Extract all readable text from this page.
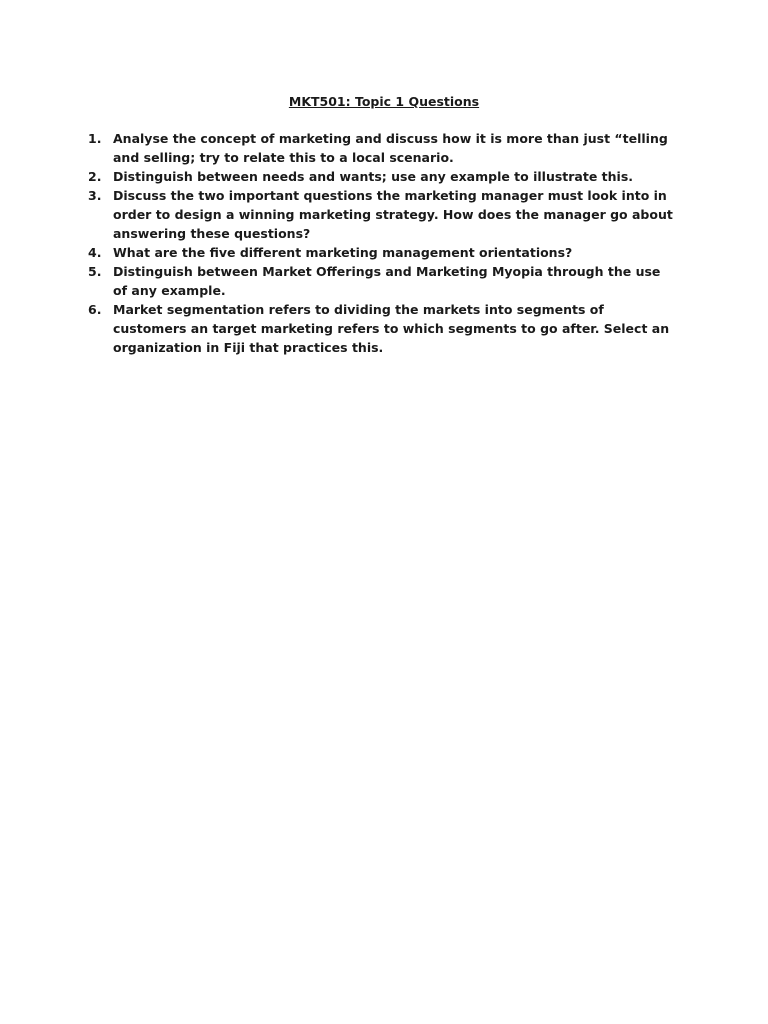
MKT501: Topic 1 Questions
1. Analyse the concept of marketing and discuss how it is more than just “telling and selling; try to relate this to a local scenario.
2. Distinguish between needs and wants; use any example to illustrate this.
3. Discuss the two important questions the marketing manager must look into in order to design a winning marketing strategy. How does the manager go about answering these questions?
4. What are the five different marketing management orientations?
5. Distinguish between Market Offerings and Marketing Myopia through the use of any example.
6. Market segmentation refers to dividing the markets into segments of customers an target marketing refers to which segments to go after. Select an organization in Fiji that practices this.
